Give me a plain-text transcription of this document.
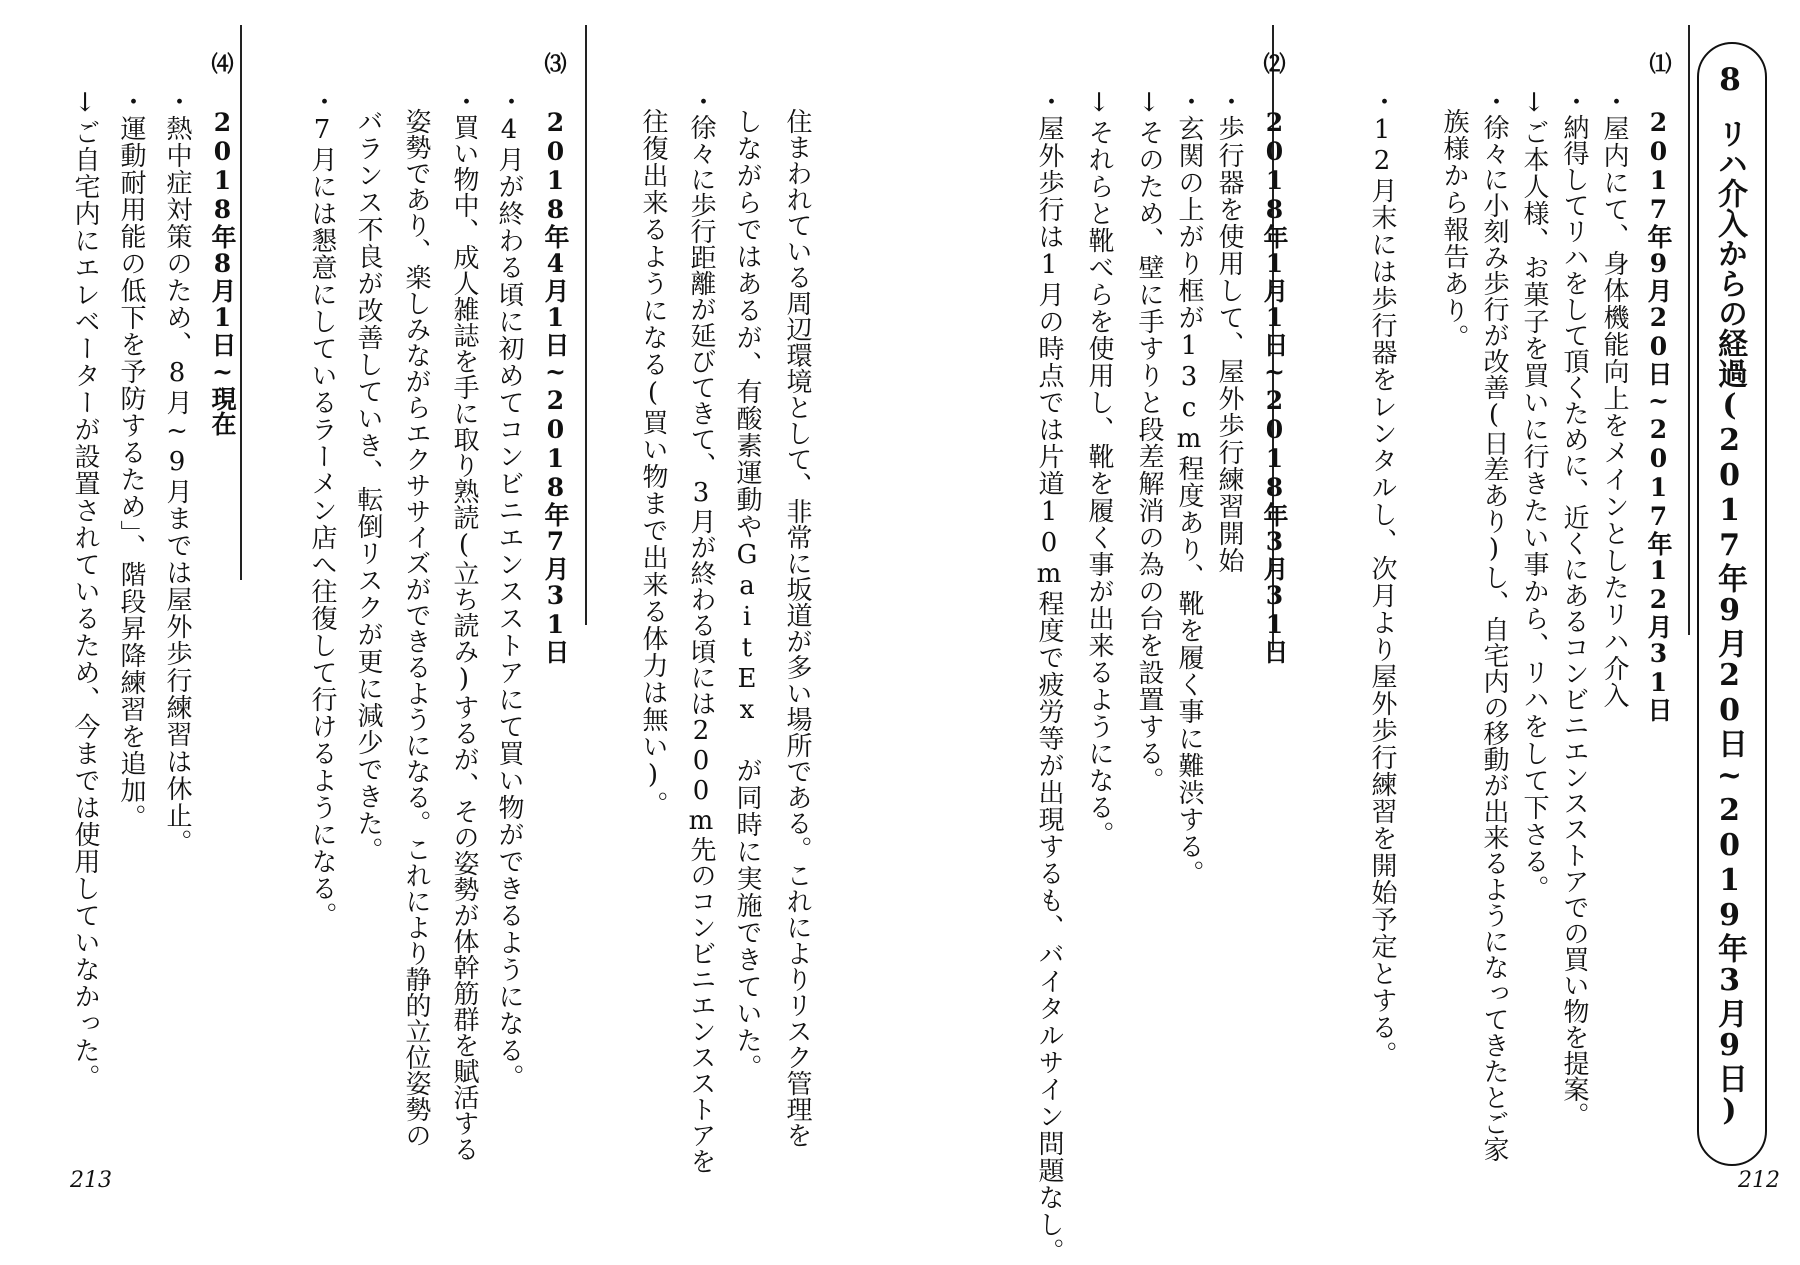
8
リハ介入からの経過(2017年9月20日~2019年3月9日)
⑴
2017年9月20日~2017年12月31日
・屋内にて、身体機能向上をメインとしたリハ介入
・納得してリハをして頂くために、近くにあるコンビニエンスストアでの買い物を提案。
↓ご本人様、お菓子を買いに行きたい事から、リハをして下さる。
・徐々に小刻み歩行が改善(日差あり)し、自宅内の移動が出来るようになってきたとご家
族様から報告あり。
・12月末には歩行器をレンタルし、次月より屋外歩行練習を開始予定とする。
⑵
・歩行器を使用して、屋外歩行練習開始 2018年1月1日~2018年3月31日
・玄関の上がり框が13cm程度あり、靴を履く事に難渋する。
↓そのため、壁に手すりと段差解消の為の台を設置する。
↓それらと靴べらを使用し、靴を履く事が出来るようになる。
・屋外歩行は1月の時点では片道10m程度で疲労等が出現するも、バイタルサイン問題なし。
住まわれている周辺環境として、非常に坂道が多い場所である。これによりリスク管理を
しながらではあるが、有酸素運動やGaitEx が同時に実施できていた。
・徐々に歩行距離が延びてきて、3月が終わる頃には200m先のコンビニエンスストアを
往復出来るようになる(買い物まで出来る体力は無い)。
⑶
2018年4月1日~2018年7月31日
・4月が終わる頃に初めてコンビニエンスストアにて買い物ができるようになる。
・買い物中、成人雑誌を手に取り熟読(立ち読み)するが、その姿勢が体幹筋群を賦活する
姿勢であり、楽しみながらエクササイズができるようになる。これにより静的立位姿勢の
バランス不良が改善していき、転倒リスクが更に減少できた。
・7月には懇意にしているラーメン店へ往復して行けるようになる。
⑷
2018年8月1日~現在
・熱中症対策のため、8月~9月までは屋外歩行練習は休止。
・運動耐用能の低下を予防するため」、階段昇降練習を追加。
↓ご自宅内にエレベーターが設置されているため、今までは使用していなかった。
213	212
